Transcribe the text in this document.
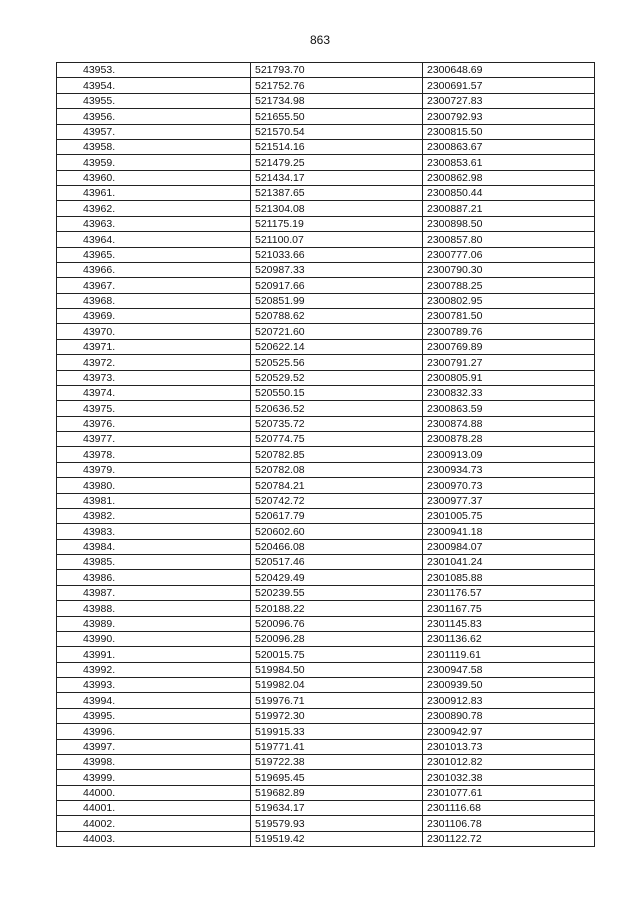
863
43953.	521793.70	2300648.69
43954.	521752.76	2300691.57
43955.	521734.98	2300727.83
43956.	521655.50	2300792.93
43957.	521570.54	2300815.50
43958.	521514.16	2300863.67
43959.	521479.25	2300853.61
43960.	521434.17	2300862.98
43961.	521387.65	2300850.44
43962.	521304.08	2300887.21
43963.	521175.19	2300898.50
43964.	521100.07	2300857.80
43965.	521033.66	2300777.06
43966.	520987.33	2300790.30
43967.	520917.66	2300788.25
43968.	520851.99	2300802.95
43969.	520788.62	2300781.50
43970.	520721.60	2300789.76
43971.	520622.14	2300769.89
43972.	520525.56	2300791.27
43973.	520529.52	2300805.91
43974.	520550.15	2300832.33
43975.	520636.52	2300863.59
43976.	520735.72	2300874.88
43977.	520774.75	2300878.28
43978.	520782.85	2300913.09
43979.	520782.08	2300934.73
43980.	520784.21	2300970.73
43981.	520742.72	2300977.37
43982.	520617.79	2301005.75
43983.	520602.60	2300941.18
43984.	520466.08	2300984.07
43985.	520517.46	2301041.24
43986.	520429.49	2301085.88
43987.	520239.55	2301176.57
43988.	520188.22	2301167.75
43989.	520096.76	2301145.83
43990.	520096.28	2301136.62
43991.	520015.75	2301119.61
43992.	519984.50	2300947.58
43993.	519982.04	2300939.50
43994.	519976.71	2300912.83
43995.	519972.30	2300890.78
43996.	519915.33	2300942.97
43997.	519771.41	2301013.73
43998.	519722.38	2301012.82
43999.	519695.45	2301032.38
44000.	519682.89	2301077.61
44001.	519634.17	2301116.68
44002.	519579.93	2301106.78
44003.	519519.42	2301122.72
